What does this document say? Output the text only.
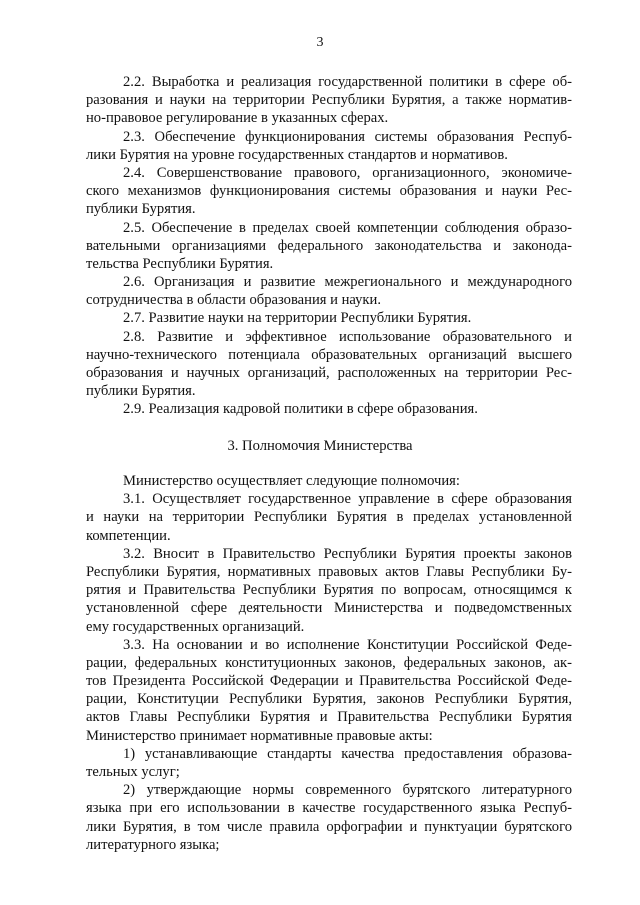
3
2.2. Выработка и реализация государственной политики в сфере об-
разования и науки на территории Республики Бурятия, а также норматив-
но-правовое регулирование в указанных сферах.
2.3. Обеспечение функционирования системы образования Респуб-
лики Бурятия на уровне государственных стандартов и нормативов.
2.4. Совершенствование правового, организационного, экономиче-
ского механизмов функционирования системы образования и науки Рес-
публики Бурятия.
2.5. Обеспечение в пределах своей компетенции соблюдения образо-
вательными организациями федерального законодательства и законода-
тельства Республики Бурятия.
2.6. Организация и развитие межрегионального и международного
сотрудничества в области образования и науки.
2.7. Развитие науки на территории Республики Бурятия.
2.8. Развитие и эффективное использование образовательного и
научно-технического потенциала образовательных организаций высшего
образования и научных организаций, расположенных на территории Рес-
публики Бурятия.
2.9. Реализация кадровой политики в сфере образования.
3. Полномочия Министерства
Министерство осуществляет следующие полномочия:
3.1. Осуществляет государственное управление в сфере образования
и науки на территории Республики Бурятия в пределах установленной
компетенции.
3.2. Вносит в Правительство Республики Бурятия проекты законов
Республики Бурятия, нормативных правовых актов Главы Республики Бу-
рятия и Правительства Республики Бурятия по вопросам, относящимся к
установленной сфере деятельности Министерства и подведомственных
ему государственных организаций.
3.3. На основании и во исполнение Конституции Российской Феде-
рации, федеральных конституционных законов, федеральных законов, ак-
тов Президента Российской Федерации и Правительства Российской Феде-
рации, Конституции Республики Бурятия, законов Республики Бурятия,
актов Главы Республики Бурятия и Правительства Республики Бурятия
Министерство принимает нормативные правовые акты:
1) устанавливающие стандарты качества предоставления образова-
тельных услуг;
2) утверждающие нормы современного бурятского литературного
языка при его использовании в качестве государственного языка Респуб-
лики Бурятия, в том числе правила орфографии и пунктуации бурятского
литературного языка;
